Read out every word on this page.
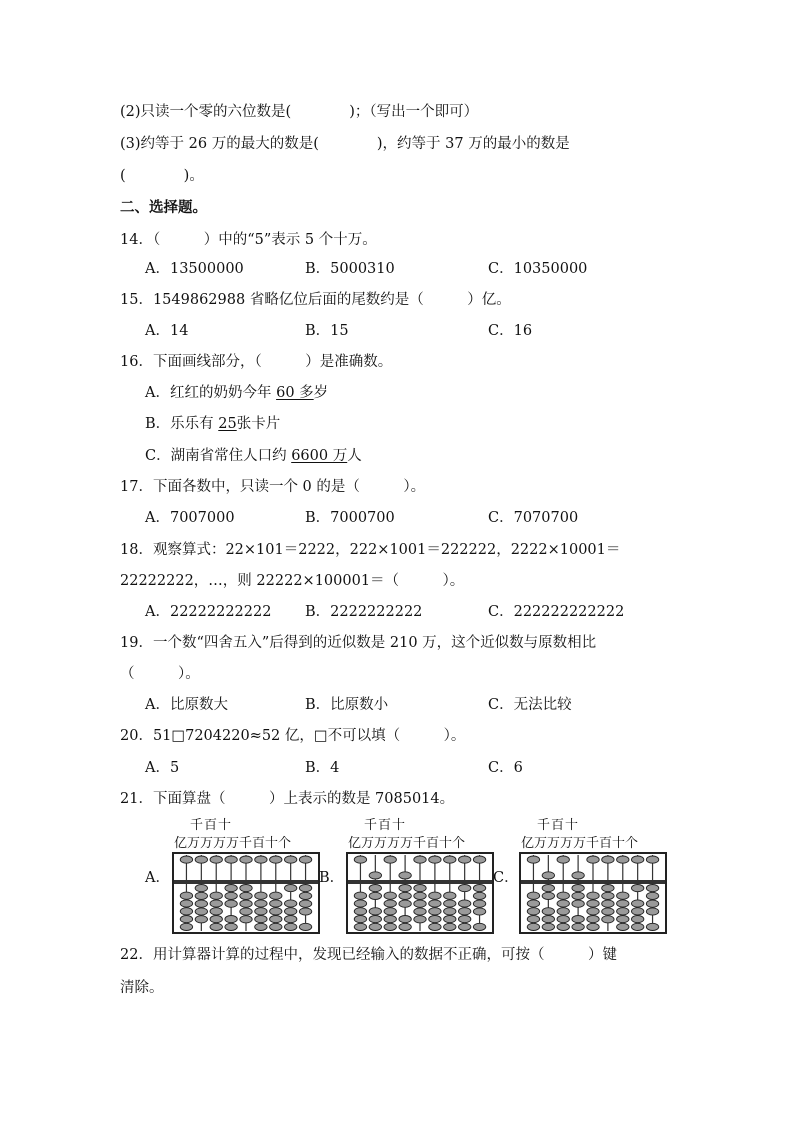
(2)只读一个零的六位数是(　　　　)；（写出一个即可）
(3)约等于 26 万的最大的数是(　　　　)，约等于 37 万的最小的数是
(　　　　)。
二、选择题。
14．（　　　）中的“5”表示 5 个十万。
A．13500000	B．5000310	C．10350000
15．1549862988 省略亿位后面的尾数约是（　　　）亿。
A．14	B．15	C．16
16．下面画线部分，（　　　）是准确数。
A．红红的奶奶今年 60 多岁
B．乐乐有 25张卡片
C．湖南省常住人口约 6600 万人
17．下面各数中，只读一个 0 的是（　　　）。
A．7007000	B．7000700	C．7070700
18．观察算式：22×101＝2222，222×1001＝222222，2222×10001＝
22222222，…，则 22222×100001＝（　　　）。
A．22222222222 B．2222222222	C．222222222222
19．一个数“四舍五入”后得到的近似数是 210 万，这个近似数与原数相比
（　　　）。
A．比原数大	B．比原数小	C．无法比较
20．51□7204220≈52 亿，□不可以填（　　　）。
A．5	B．4	C．6
21．下面算盘（　　　）上表示的数是 7085014。
A．	B．	C．
千百十
亿万万万万千百十个
千百十
亿万万万万千百十个
千百十
亿万万万万千百十个
22．用计算器计算的过程中，发现已经输入的数据不正确，可按（　　　）键
清除。
